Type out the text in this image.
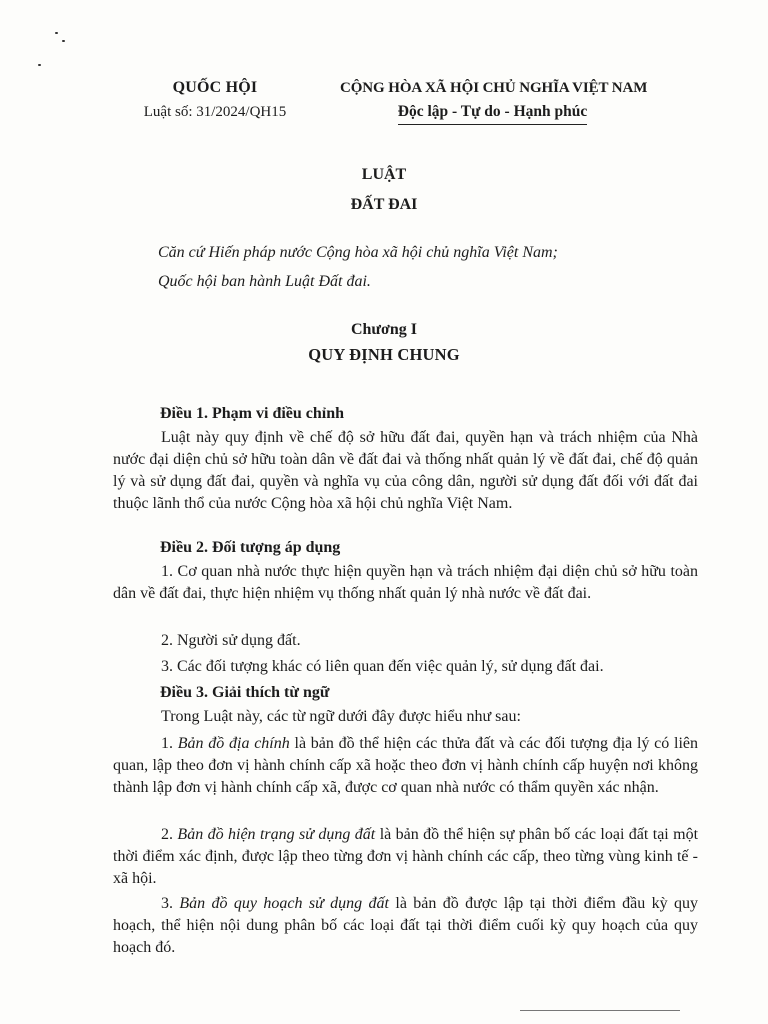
QUỐC HỘI
Luật số: 31/2024/QH15
CỘNG HÒA XÃ HỘI CHỦ NGHĨA VIỆT NAM
Độc lập - Tự do - Hạnh phúc
LUẬT
ĐẤT ĐAI
Căn cứ Hiến pháp nước Cộng hòa xã hội chủ nghĩa Việt Nam;
Quốc hội ban hành Luật Đất đai.
Chương I
QUY ĐỊNH CHUNG
Điều 1. Phạm vi điều chỉnh
Luật này quy định về chế độ sở hữu đất đai, quyền hạn và trách nhiệm của Nhà nước đại diện chủ sở hữu toàn dân về đất đai và thống nhất quản lý về đất đai, chế độ quản lý và sử dụng đất đai, quyền và nghĩa vụ của công dân, người sử dụng đất đối với đất đai thuộc lãnh thổ của nước Cộng hòa xã hội chủ nghĩa Việt Nam.
Điều 2. Đối tượng áp dụng
1. Cơ quan nhà nước thực hiện quyền hạn và trách nhiệm đại diện chủ sở hữu toàn dân về đất đai, thực hiện nhiệm vụ thống nhất quản lý nhà nước về đất đai.
2. Người sử dụng đất.
3. Các đối tượng khác có liên quan đến việc quản lý, sử dụng đất đai.
Điều 3. Giải thích từ ngữ
Trong Luật này, các từ ngữ dưới đây được hiểu như sau:
1. Bản đồ địa chính là bản đồ thể hiện các thửa đất và các đối tượng địa lý có liên quan, lập theo đơn vị hành chính cấp xã hoặc theo đơn vị hành chính cấp huyện nơi không thành lập đơn vị hành chính cấp xã, được cơ quan nhà nước có thẩm quyền xác nhận.
2. Bản đồ hiện trạng sử dụng đất là bản đồ thể hiện sự phân bố các loại đất tại một thời điểm xác định, được lập theo từng đơn vị hành chính các cấp, theo từng vùng kinh tế - xã hội.
3. Bản đồ quy hoạch sử dụng đất là bản đồ được lập tại thời điểm đầu kỳ quy hoạch, thể hiện nội dung phân bố các loại đất tại thời điểm cuối kỳ quy hoạch của quy hoạch đó.
